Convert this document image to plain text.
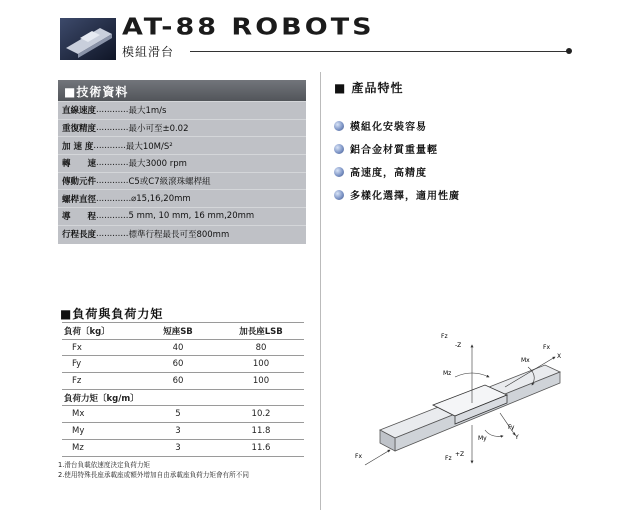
AT-88 ROBOTS
模組滑台
■技術資料
直線速度 ............ 最大1m/s
重復精度 ............ 最小可至±0.02
加 速 度 ............ 最大10M/S²
轉　　速 ............ 最大3000 rpm
傳動元件 ............ C5或C7級滾珠螺桿組
螺桿直徑 ............. ⌀15,16,20mm
導　　程 ............ 5 mm, 10 mm, 16 mm,20mm
行程長度 ............ 標準行程最長可至800mm
■ 產品特性
模組化安裝容易
鋁合金材質重量輕
高速度，高精度
多樣化選擇，適用性廣
■負荷與負荷力矩
負荷〔kg〕	短座SB	加長座LSB
Fx	40	80
Fy	60	100
Fz	60	100
負荷力矩〔kg/m〕		
Mx	5	10.2
My	3	11.8
Mz	3	11.6
1.滑台負載依速度決定負荷力矩
2.使用特殊長座承載座或額外增加自由承載座負荷力矩會有所不同
Fz
-Z
Mz
Fx
X
Mx
Fy
Y
My
Fx	Fz
+Z
